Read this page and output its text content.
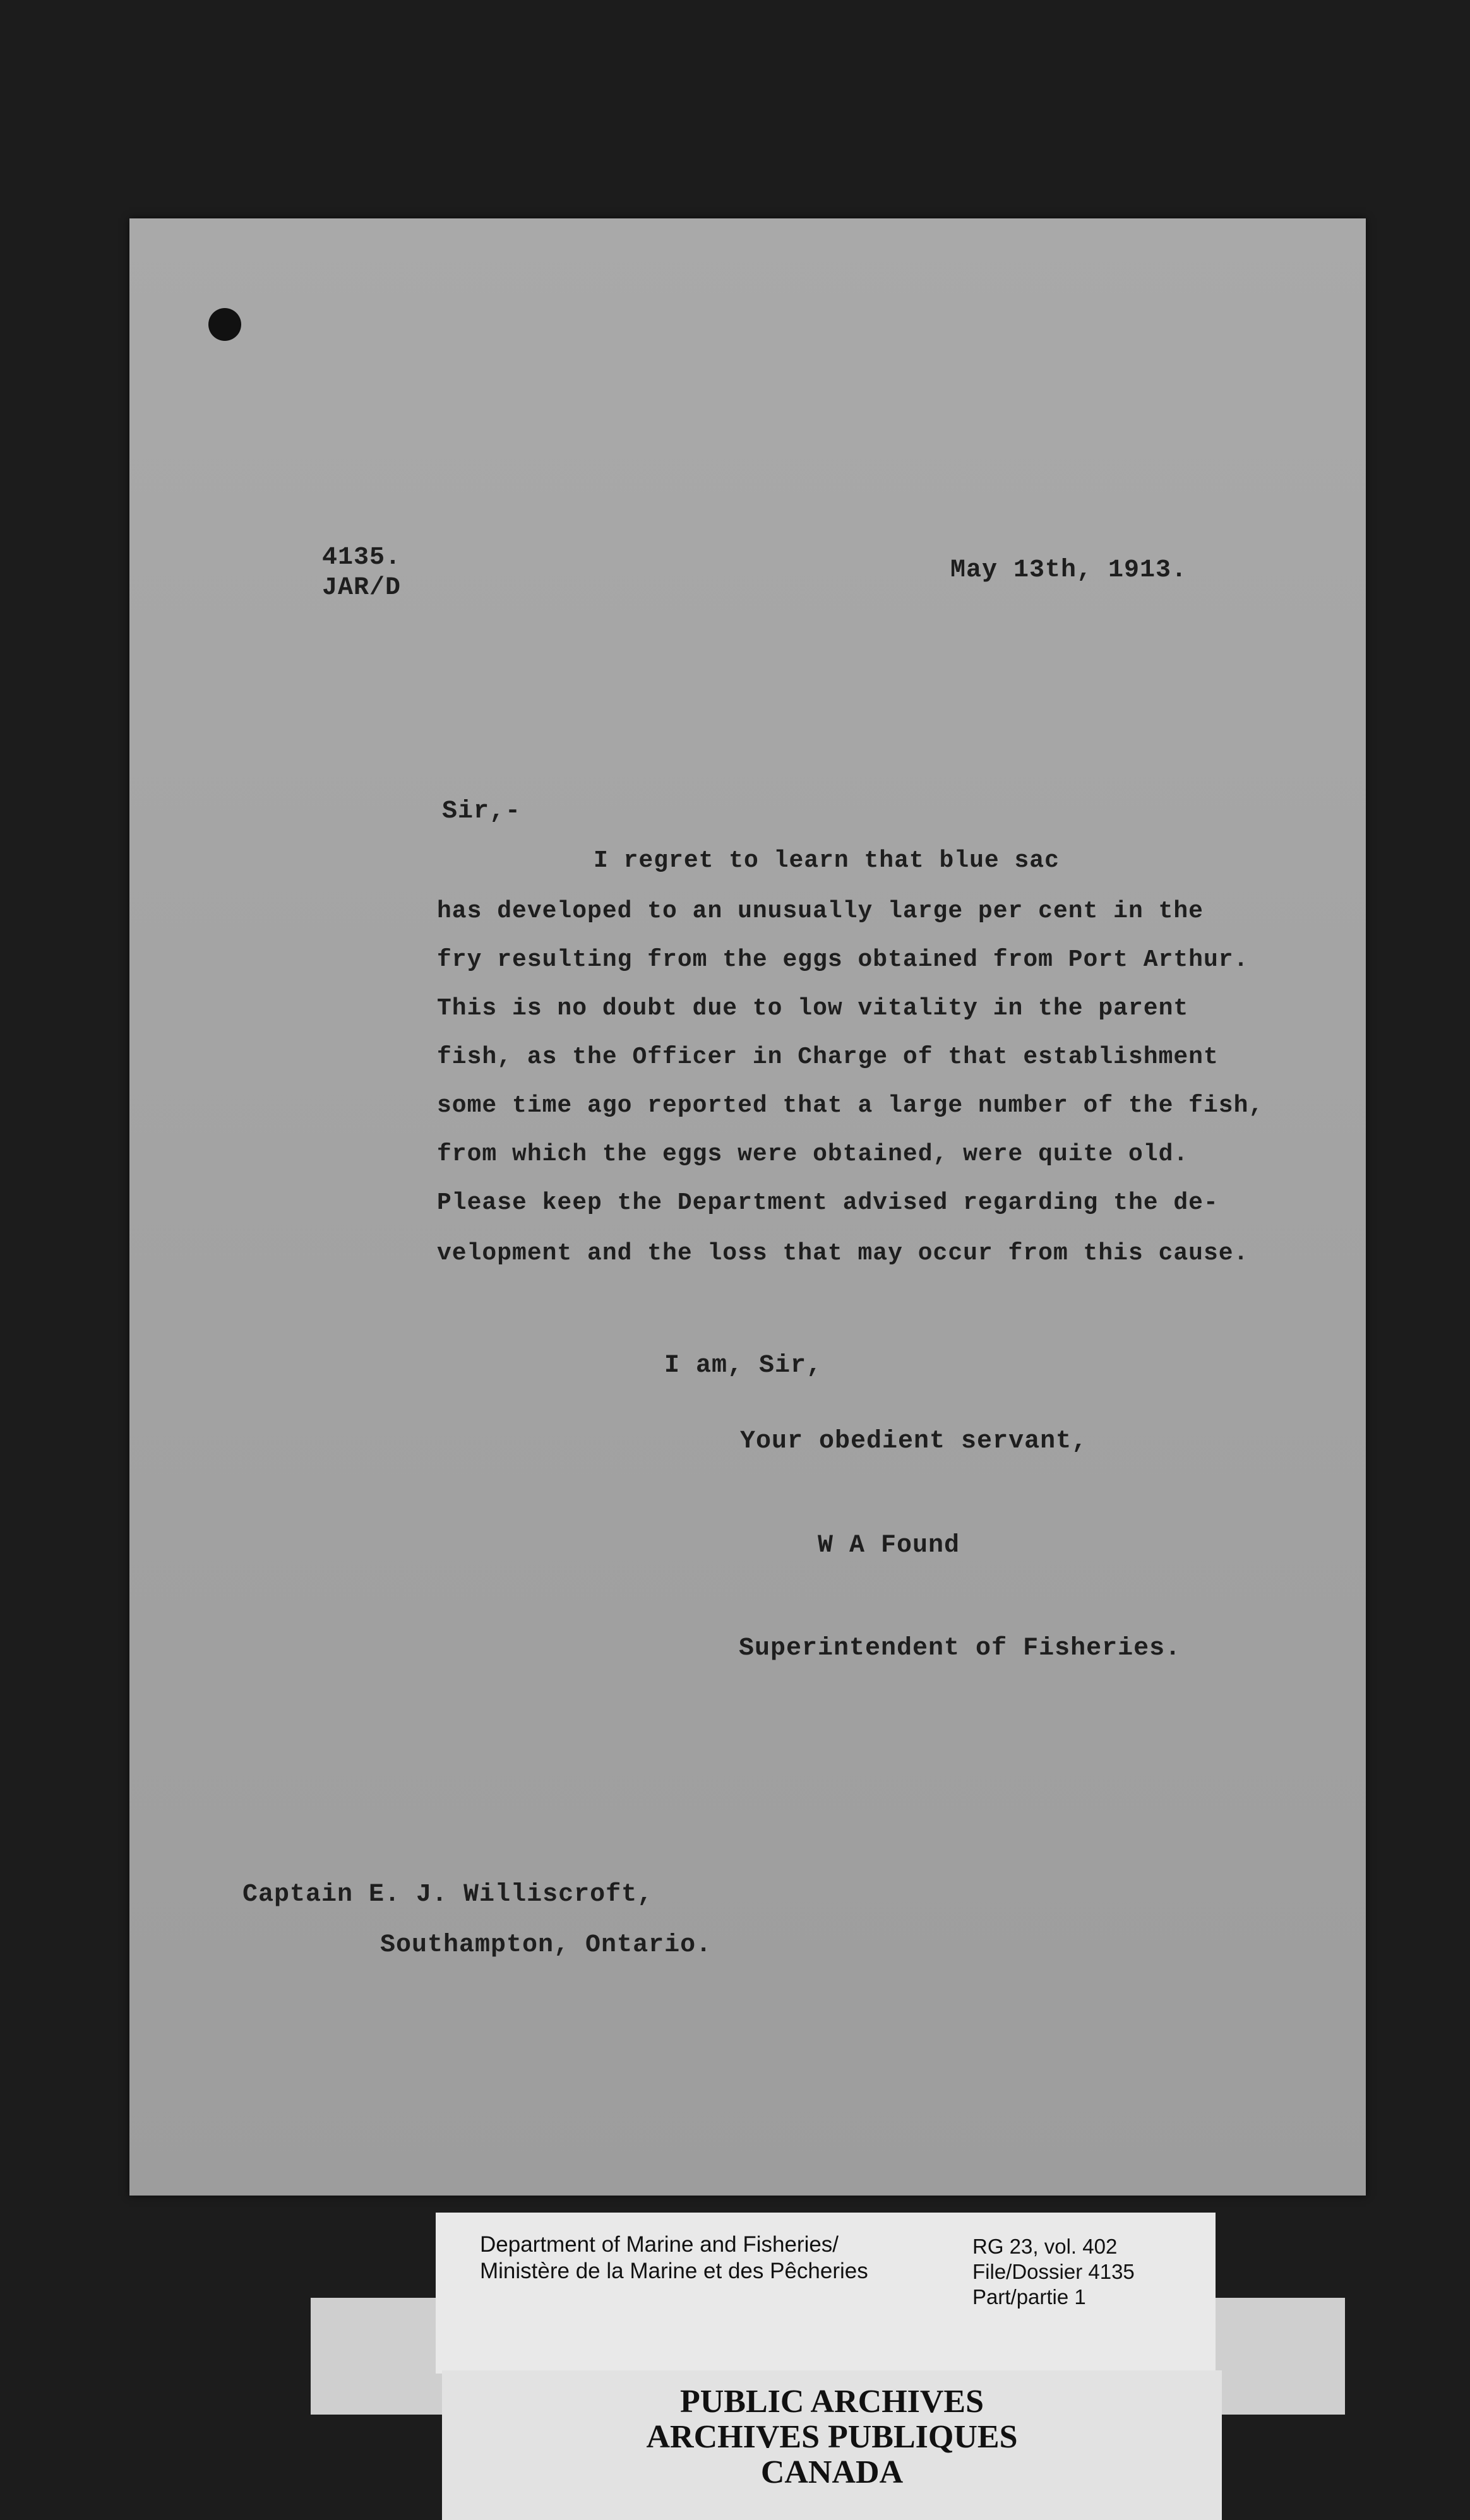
4135.
JAR/D
May 13th, 1913.
Sir,-
I regret to learn that blue sac
has developed to an unusually large per cent in the
fry resulting from the eggs obtained from Port Arthur.
This is no doubt due to low vitality in the parent
fish, as the Officer in Charge of that establishment
some time ago reported that a large number of the fish,
from which the eggs were obtained, were quite old.
Please keep the Department advised regarding the de-
velopment and the loss that may occur from this cause.
I am, Sir,
Your obedient servant,
W A Found
Superintendent of Fisheries.
Captain E. J. Williscroft,
Southampton, Ontario.
Department of Marine and Fisheries/
Ministère de la Marine et des Pêcheries
RG 23, vol. 402
File/Dossier 4135
Part/partie 1
PUBLIC ARCHIVES
ARCHIVES PUBLIQUES
CANADA
